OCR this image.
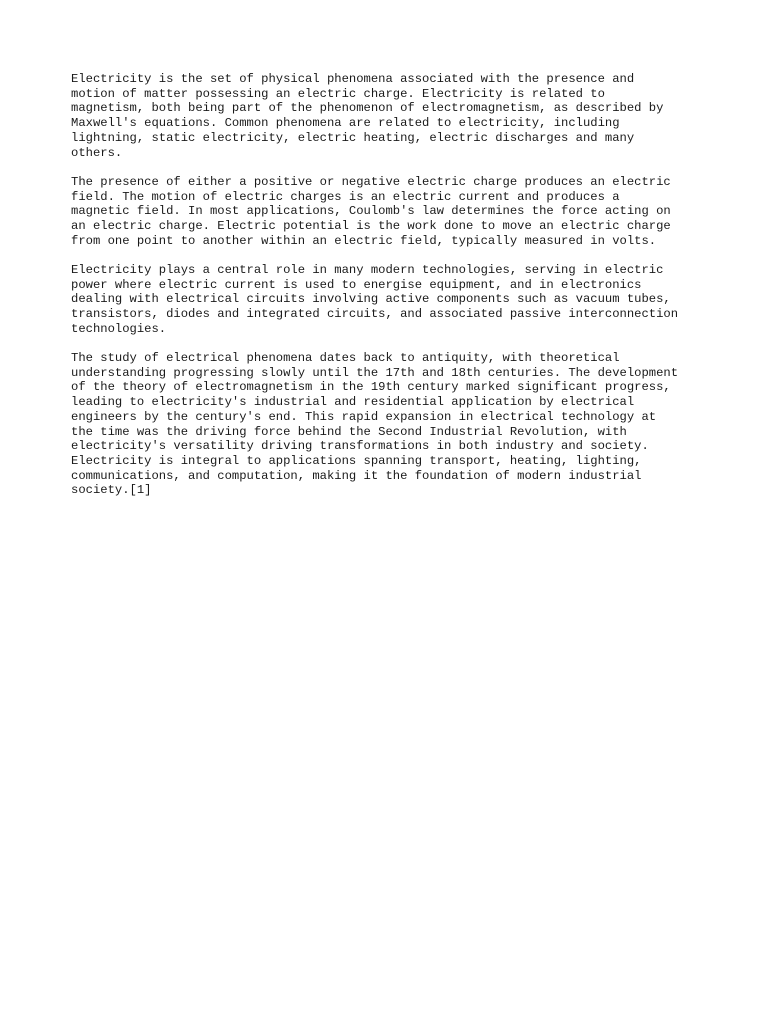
Electricity is the set of physical phenomena associated with the presence and
motion of matter possessing an electric charge. Electricity is related to
magnetism, both being part of the phenomenon of electromagnetism, as described by
Maxwell's equations. Common phenomena are related to electricity, including
lightning, static electricity, electric heating, electric discharges and many
others.

The presence of either a positive or negative electric charge produces an electric
field. The motion of electric charges is an electric current and produces a
magnetic field. In most applications, Coulomb's law determines the force acting on
an electric charge. Electric potential is the work done to move an electric charge
from one point to another within an electric field, typically measured in volts.

Electricity plays a central role in many modern technologies, serving in electric
power where electric current is used to energise equipment, and in electronics
dealing with electrical circuits involving active components such as vacuum tubes,
transistors, diodes and integrated circuits, and associated passive interconnection
technologies.

The study of electrical phenomena dates back to antiquity, with theoretical
understanding progressing slowly until the 17th and 18th centuries. The development
of the theory of electromagnetism in the 19th century marked significant progress,
leading to electricity's industrial and residential application by electrical
engineers by the century's end. This rapid expansion in electrical technology at
the time was the driving force behind the Second Industrial Revolution, with
electricity's versatility driving transformations in both industry and society.
Electricity is integral to applications spanning transport, heating, lighting,
communications, and computation, making it the foundation of modern industrial
society.[1]
